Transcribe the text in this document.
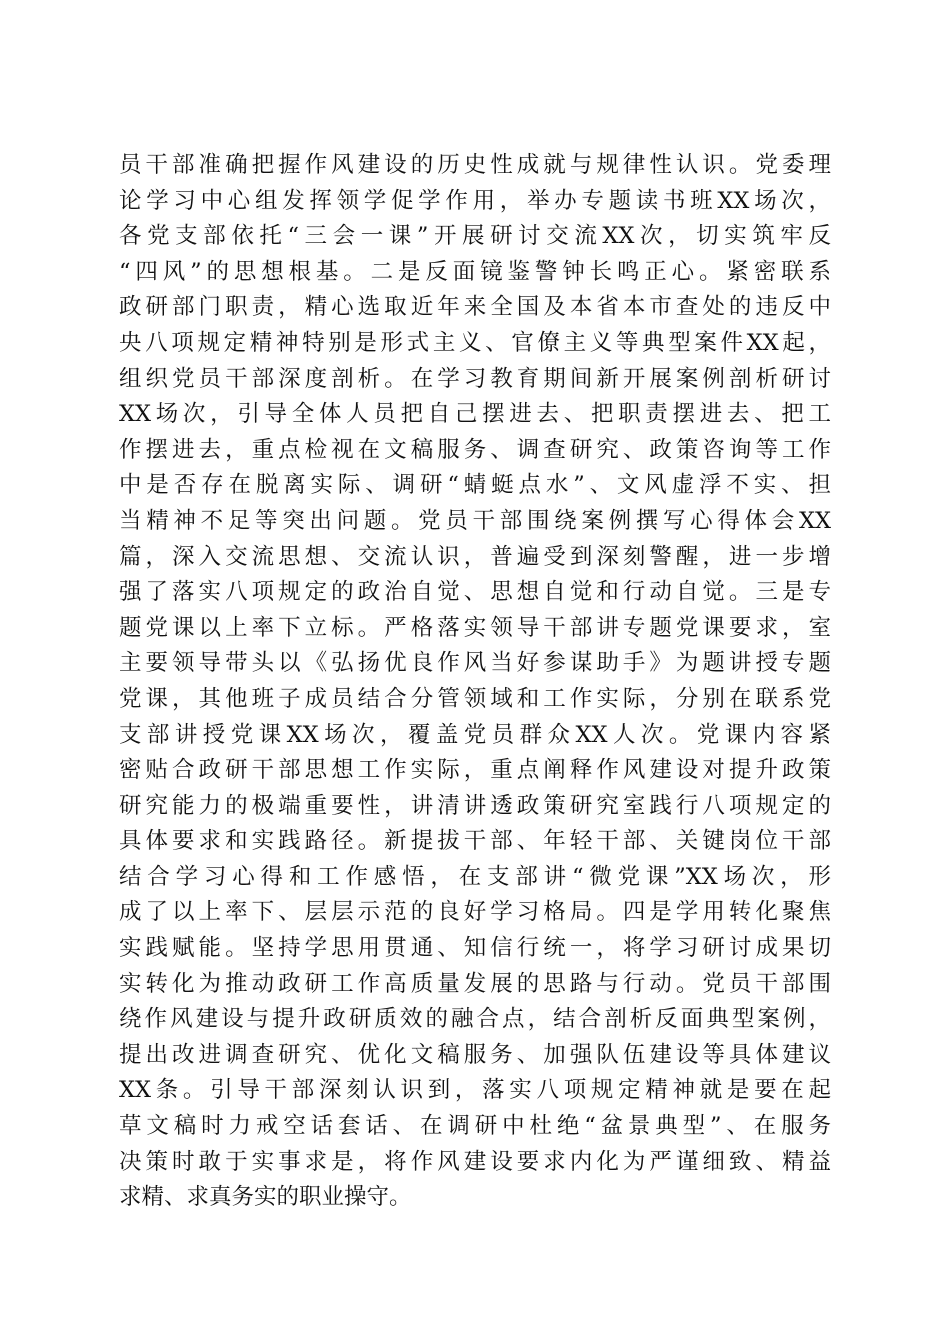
员干部准确把握作风建设的历史性成就与规律性认识。党委理
论学习中心组发挥领学促学作用，举办专题读书班XX场次，
各党支部依托“三会一课”开展研讨交流XX次，切实筑牢反
“四风”的思想根基。二是反面镜鉴警钟长鸣正心。紧密联系
政研部门职责，精心选取近年来全国及本省本市查处的违反中
央八项规定精神特别是形式主义、官僚主义等典型案件XX起，
组织党员干部深度剖析。在学习教育期间新开展案例剖析研讨
XX场次，引导全体人员把自己摆进去、把职责摆进去、把工
作摆进去，重点检视在文稿服务、调查研究、政策咨询等工作
中是否存在脱离实际、调研“蜻蜓点水”、文风虚浮不实、担
当精神不足等突出问题。党员干部围绕案例撰写心得体会XX
篇，深入交流思想、交流认识，普遍受到深刻警醒，进一步增
强了落实八项规定的政治自觉、思想自觉和行动自觉。三是专
题党课以上率下立标。严格落实领导干部讲专题党课要求，室
主要领导带头以《弘扬优良作风当好参谋助手》为题讲授专题
党课，其他班子成员结合分管领域和工作实际，分别在联系党
支部讲授党课XX场次，覆盖党员群众XX人次。党课内容紧
密贴合政研干部思想工作实际，重点阐释作风建设对提升政策
研究能力的极端重要性，讲清讲透政策研究室践行八项规定的
具体要求和实践路径。新提拔干部、年轻干部、关键岗位干部
结合学习心得和工作感悟，在支部讲“微党课”XX场次，形
成了以上率下、层层示范的良好学习格局。四是学用转化聚焦
实践赋能。坚持学思用贯通、知信行统一，将学习研讨成果切
实转化为推动政研工作高质量发展的思路与行动。党员干部围
绕作风建设与提升政研质效的融合点，结合剖析反面典型案例，
提出改进调查研究、优化文稿服务、加强队伍建设等具体建议
XX条。引导干部深刻认识到，落实八项规定精神就是要在起
草文稿时力戒空话套话、在调研中杜绝“盆景典型”、在服务
决策时敢于实事求是，将作风建设要求内化为严谨细致、精益
求精、求真务实的职业操守。
